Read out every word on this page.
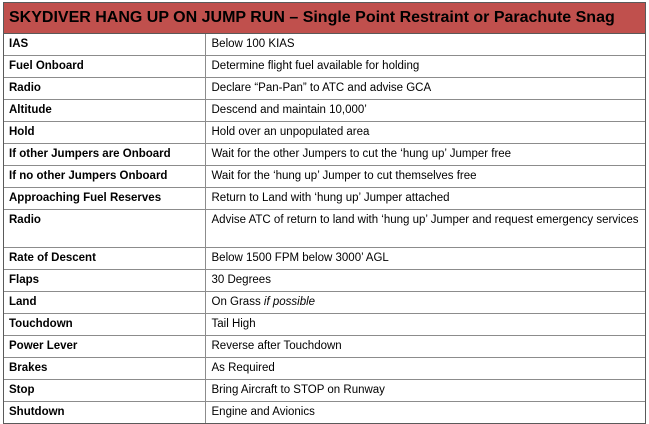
SKYDIVER HANG UP ON JUMP RUN – Single Point Restraint or Parachute Snag
IAS	Below 100 KIAS
Fuel Onboard	Determine flight fuel available for holding
Radio	Declare “Pan-Pan” to ATC and advise GCA
Altitude	Descend and maintain 10,000’
Hold	Hold over an unpopulated area
If other Jumpers are Onboard	Wait for the other Jumpers to cut the ‘hung up’ Jumper free
If no other Jumpers Onboard	Wait for the ‘hung up’ Jumper to cut themselves free
Approaching Fuel Reserves	Return to Land with ‘hung up’ Jumper attached
Radio	Advise ATC of return to land with ‘hung up’ Jumper and request emergency services
Rate of Descent	Below 1500 FPM below 3000’ AGL
Flaps	30 Degrees
Land	On Grass if possible
Touchdown	Tail High
Power Lever	Reverse after Touchdown
Brakes	As Required
Stop	Bring Aircraft to STOP on Runway
Shutdown	Engine and Avionics
